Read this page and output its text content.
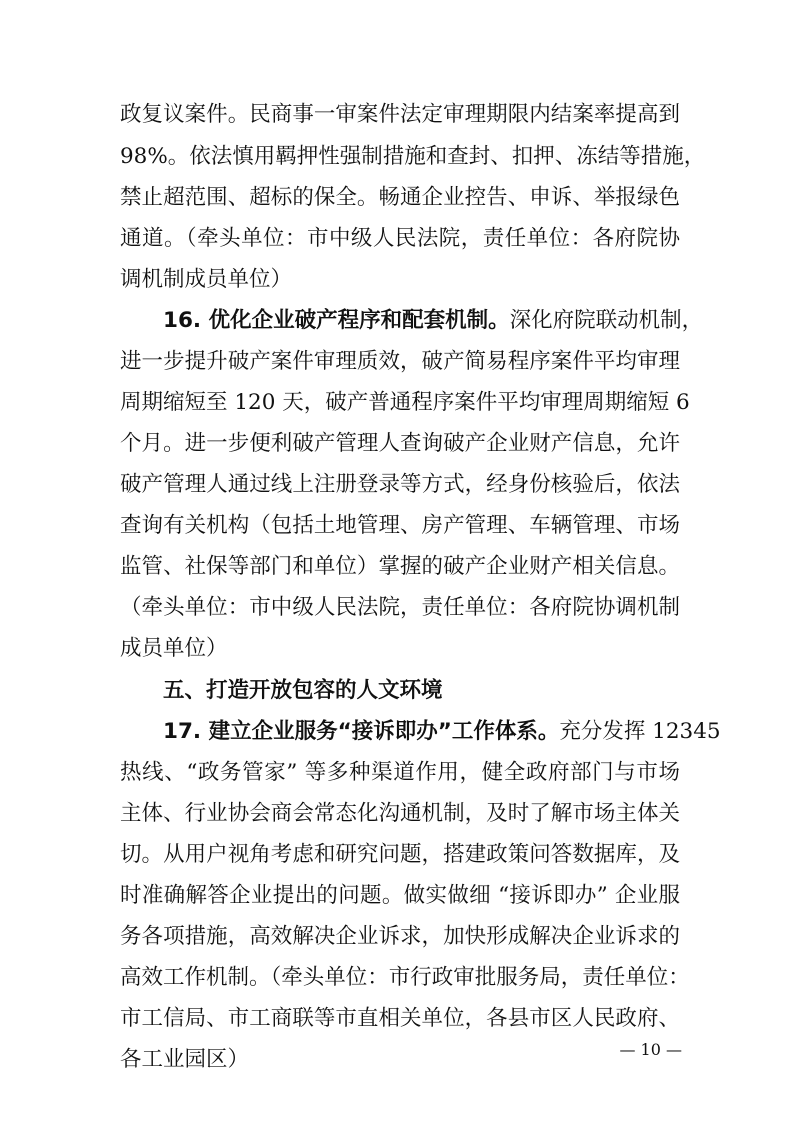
政复议案件。民商事一审案件法定审理期限内结案率提高到
98%。依法慎用羁押性强制措施和查封、扣押、冻结等措施，
禁止超范围、超标的保全。畅通企业控告、申诉、举报绿色
通道。（牵头单位：市中级人民法院，责任单位：各府院协
调机制成员单位）
16. 优化企业破产程序和配套机制。深化府院联动机制，
进一步提升破产案件审理质效，破产简易程序案件平均审理
周期缩短至 120 天，破产普通程序案件平均审理周期缩短 6
个月。进一步便利破产管理人查询破产企业财产信息，允许
破产管理人通过线上注册登录等方式，经身份核验后，依法
查询有关机构（包括土地管理、房产管理、车辆管理、市场
监管、社保等部门和单位）掌握的破产企业财产相关信息。
（牵头单位：市中级人民法院，责任单位：各府院协调机制
成员单位）
五、打造开放包容的人文环境
17. 建立企业服务“接诉即办”工作体系。充分发挥 12345
热线、“政务管家” 等多种渠道作用，健全政府部门与市场
主体、行业协会商会常态化沟通机制，及时了解市场主体关
切。从用户视角考虑和研究问题，搭建政策问答数据库，及
时准确解答企业提出的问题。做实做细 “接诉即办” 企业服
务各项措施，高效解决企业诉求，加快形成解决企业诉求的
高效工作机制。（牵头单位：市行政审批服务局，责任单位：
市工信局、市工商联等市直相关单位，各县市区人民政府、
各工业园区）	— 10 —
